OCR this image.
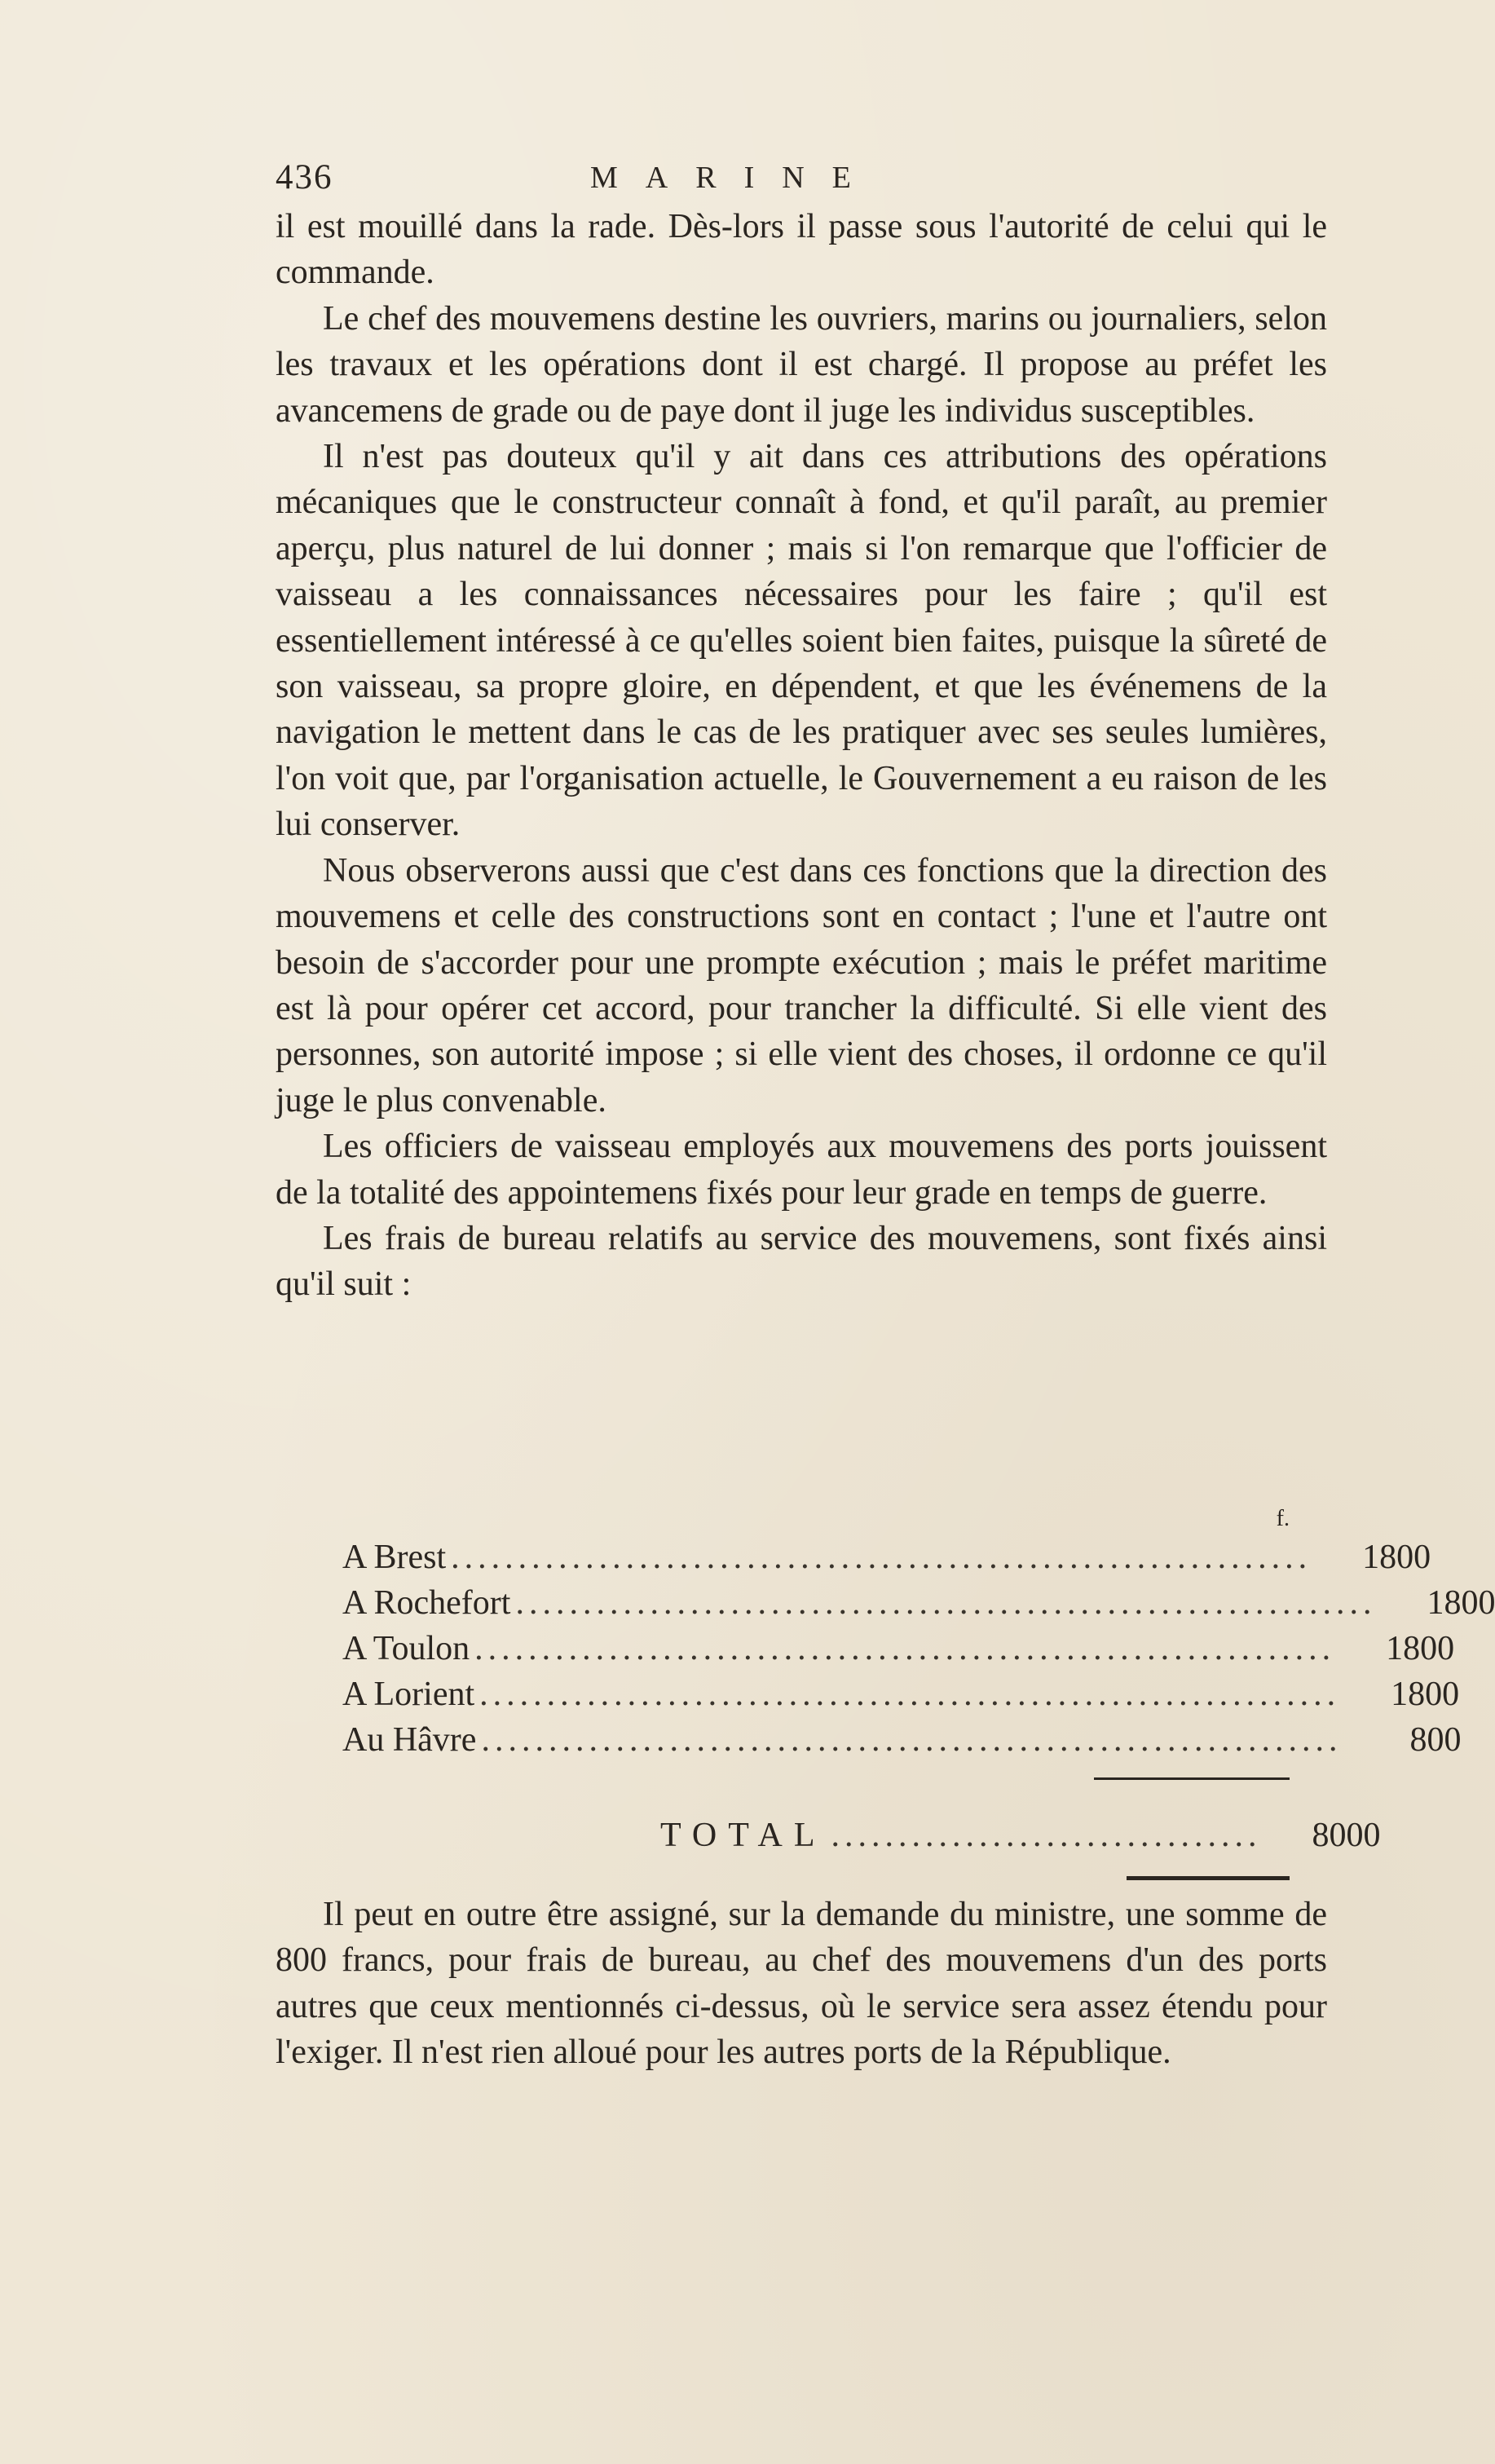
436	MARINE

il est mouillé dans la rade. Dès-lors il passe sous l'autorité de celui qui le commande.

Le chef des mouvemens destine les ouvriers, marins ou journaliers, selon les travaux et les opérations dont il est chargé. Il propose au préfet les avancemens de grade ou de paye dont il juge les individus susceptibles.

Il n'est pas douteux qu'il y ait dans ces attributions des opérations mécaniques que le constructeur connaît à fond, et qu'il paraît, au premier aperçu, plus naturel de lui donner ; mais si l'on remarque que l'officier de vaisseau a les connaissances nécessaires pour les faire ; qu'il est essentiellement intéressé à ce qu'elles soient bien faites, puisque la sûreté de son vaisseau, sa propre gloire, en dépendent, et que les événemens de la navigation le mettent dans le cas de les pratiquer avec ses seules lumières, l'on voit que, par l'organisation actuelle, le Gouvernement a eu raison de les lui conserver.

Nous observerons aussi que c'est dans ces fonctions que la direction des mouvemens et celle des constructions sont en contact ; l'une et l'autre ont besoin de s'accorder pour une prompte exécution ; mais le préfet maritime est là pour opérer cet accord, pour trancher la difficulté. Si elle vient des personnes, son autorité impose ; si elle vient des choses, il ordonne ce qu'il juge le plus convenable.

Les officiers de vaisseau employés aux mouvemens des ports jouissent de la totalité des appointemens fixés pour leur grade en temps de guerre.

Les frais de bureau relatifs au service des mouvemens, sont fixés ainsi qu'il suit :

f.
A Brest ................................................................	1800
A Rochefort ................................................................	1800
A Toulon ................................................................	1800
A Lorient ................................................................	1800
Au Hâvre ................................................................	800
TOTAL ................................	8000

Il peut en outre être assigné, sur la demande du ministre, une somme de 800 francs, pour frais de bureau, au chef des mouvemens d'un des ports autres que ceux mentionnés ci-dessus, où le service sera assez étendu pour l'exiger. Il n'est rien alloué pour les autres ports de la République.
